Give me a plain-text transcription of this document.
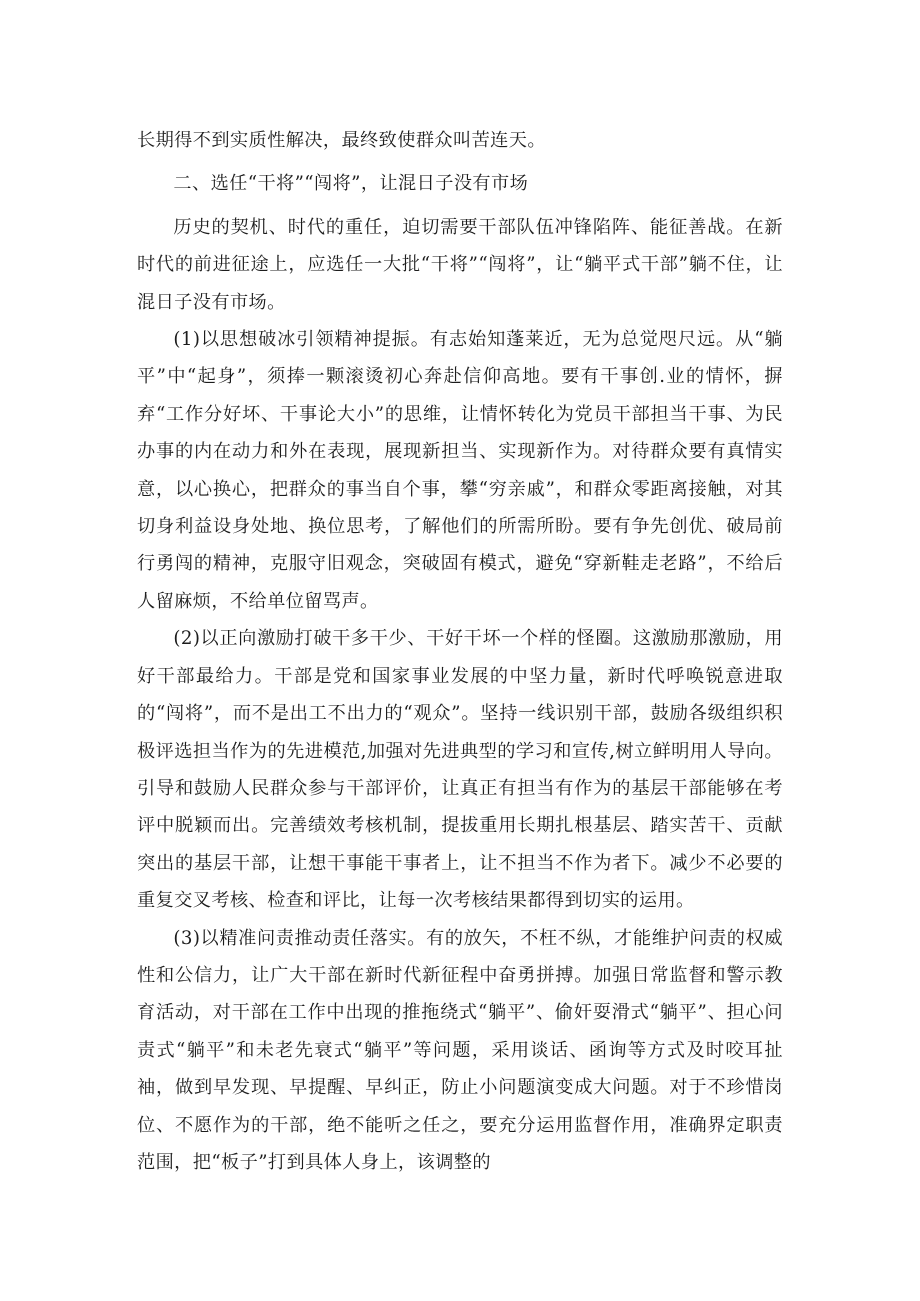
长期得不到实质性解决，最终致使群众叫苦连天。

二、选任“干将”“闯将”，让混日子没有市场

历史的契机、时代的重任，迫切需要干部队伍冲锋陷阵、能征善战。在新时代的前进征途上，应选任一大批“干将”“闯将”，让“躺平式干部”躺不住，让混日子没有市场。

(1)以思想破冰引领精神提振。有志始知蓬莱近，无为总觉咫尺远。从“躺平”中“起身”，须捧一颗滚烫初心奔赴信仰高地。要有干事创.业的情怀，摒弃“工作分好坏、干事论大小”的思维，让情怀转化为党员干部担当干事、为民办事的内在动力和外在表现，展现新担当、实现新作为。对待群众要有真情实意，以心换心，把群众的事当自个事，攀“穷亲戚”，和群众零距离接触，对其切身利益设身处地、换位思考，了解他们的所需所盼。要有争先创优、破局前行勇闯的精神，克服守旧观念，突破固有模式，避免“穿新鞋走老路”，不给后人留麻烦，不给单位留骂声。

(2)以正向激励打破干多干少、干好干坏一个样的怪圈。这激励那激励，用好干部最给力。干部是党和国家事业发展的中坚力量，新时代呼唤锐意进取的“闯将”，而不是出工不出力的“观众”。坚持一线识别干部，鼓励各级组织积极评选担当作为的先进模范,加强对先进典型的学习和宣传,树立鲜明用人导向。引导和鼓励人民群众参与干部评价，让真正有担当有作为的基层干部能够在考评中脱颖而出。完善绩效考核机制，提拔重用长期扎根基层、踏实苦干、贡献突出的基层干部，让想干事能干事者上，让不担当不作为者下。减少不必要的重复交叉考核、检查和评比，让每一次考核结果都得到切实的运用。

(3)以精准问责推动责任落实。有的放矢，不枉不纵，才能维护问责的权威性和公信力，让广大干部在新时代新征程中奋勇拼搏。加强日常监督和警示教育活动，对干部在工作中出现的推拖绕式“躺平”、偷奸耍滑式“躺平”、担心问责式“躺平”和未老先衰式“躺平”等问题，采用谈话、函询等方式及时咬耳扯袖，做到早发现、早提醒、早纠正，防止小问题演变成大问题。对于不珍惜岗位、不愿作为的干部，绝不能听之任之，要充分运用监督作用，准确界定职责范围，把“板子”打到具体人身上，该调整的
